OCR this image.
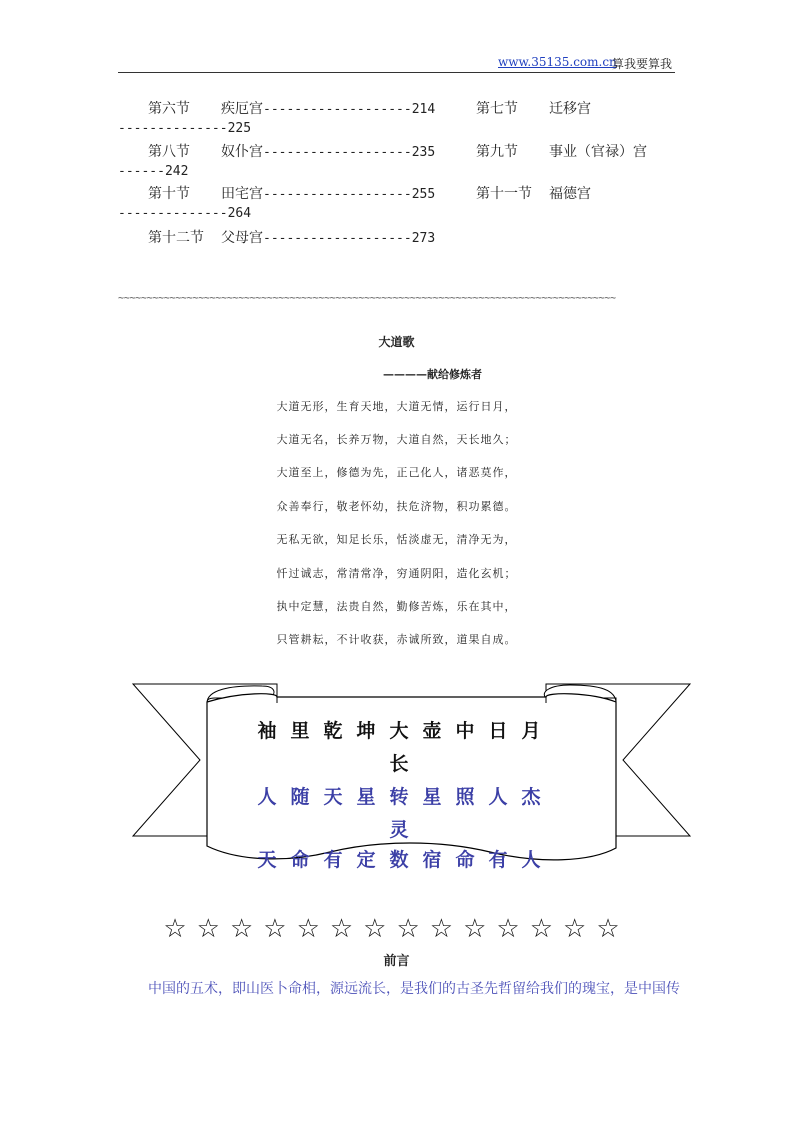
www.35135.com.cn
算我要算我
第六节 疾厄宫-------------------214	第七节 迁移宫
--------------225
第八节 奴仆宫-------------------235	第九节 事业（官禄）宫
------242
第十节 田宅宫-------------------255	第十一节 福德宫
--------------264
第十二节 父母宫-------------------273
~~~~~~~~~~~~~~~~~~~~~~~~~~~~~~~~~~~~~~~~~~~~~~~~~~~~~~~~~~~~~~~~~~~~~~~~~~~~~~~~~~~~~~~
大道歌
————献给修炼者
大道无形，生育天地，大道无情，运行日月，
大道无名，长养万物，大道自然，天长地久；
大道至上，修德为先，正己化人，诸恶莫作，
众善奉行，敬老怀幼，扶危济物，积功累德。
无私无欲，知足长乐，恬淡虚无，清净无为，
忏过诚志，常清常净，穷通阴阳，造化玄机；
执中定慧，法贵自然，勤修苦炼，乐在其中，
只管耕耘，不计收获，赤诚所致，道果自成。
袖里乾坤大壶中日月
长
人随天星转星照人杰
灵
天命有定数宿命有人
☆☆☆☆☆☆☆☆☆☆☆☆☆☆
前言
中国的五术，即山医卜命相，源远流长，是我们的古圣先哲留给我们的瑰宝，是中国传
